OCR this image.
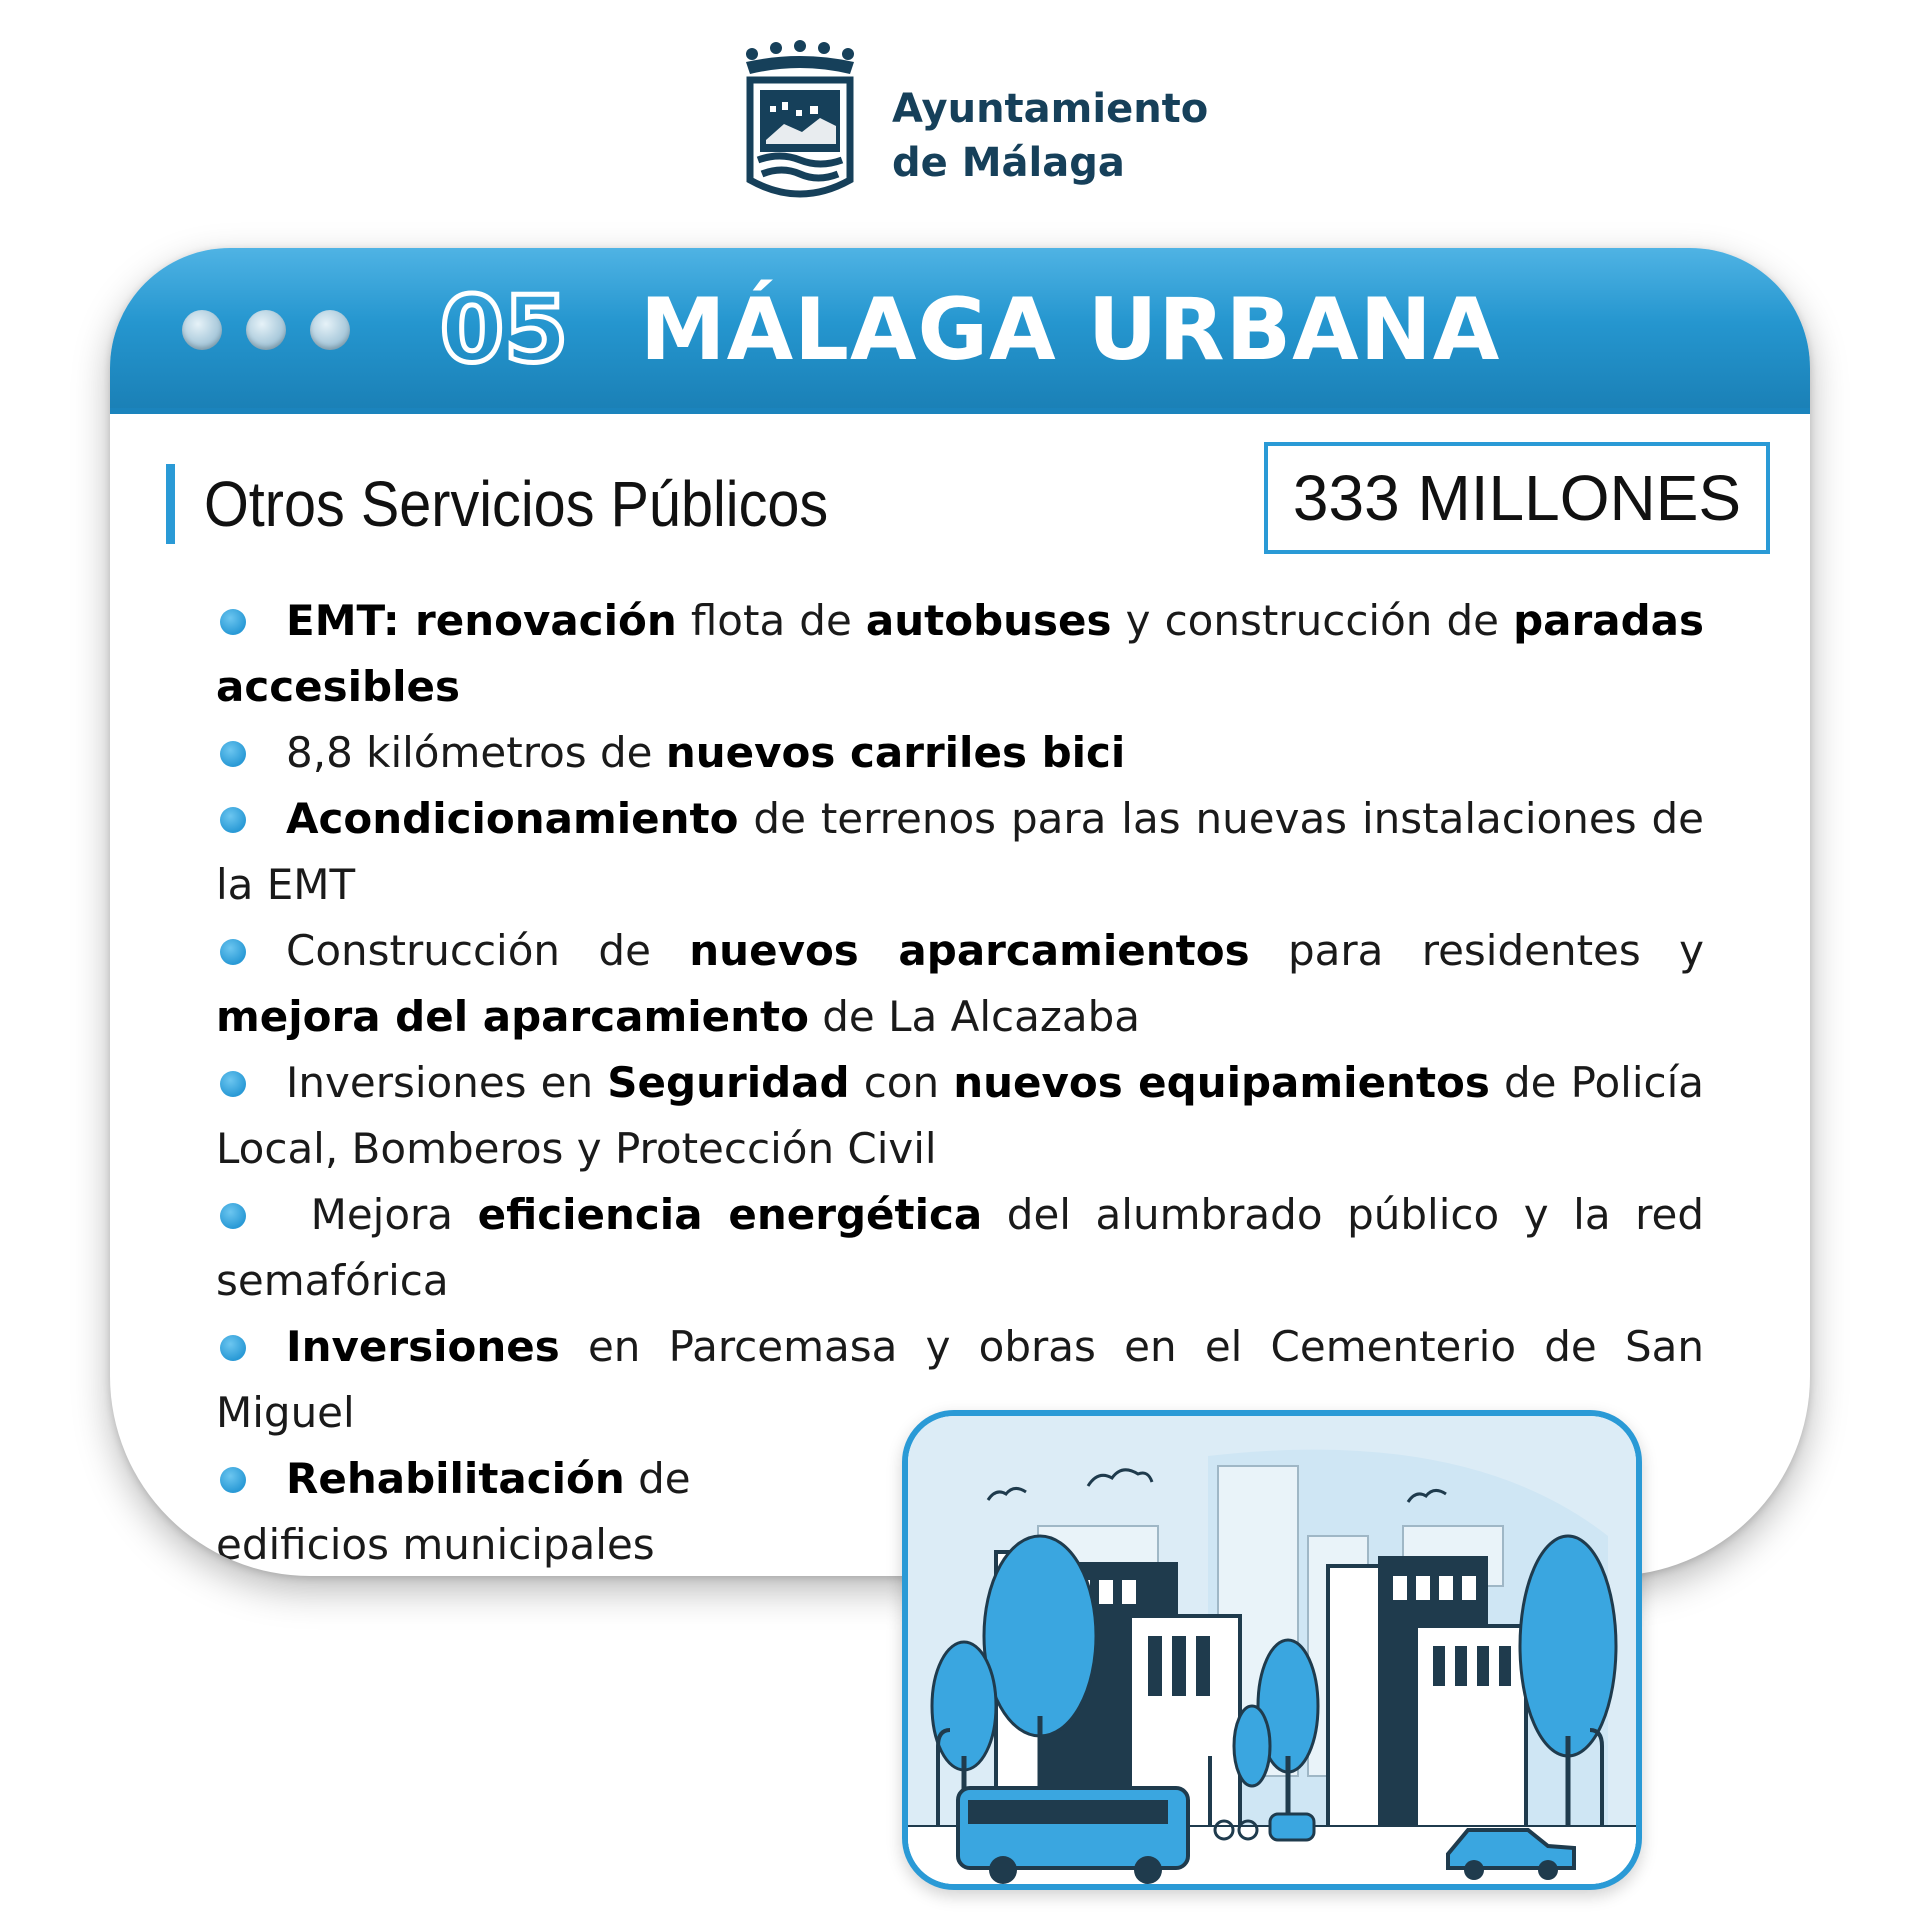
Ayuntamiento
de Málaga
05 MÁLAGA URBANA
Otros Servicios Públicos	333 MILLONES
EMT: renovación flota de autobuses y construcción de paradas accesibles
8,8 kilómetros de nuevos carriles bici
Acondicionamiento de terrenos para las nuevas instalaciones de la EMT
Construcción de nuevos aparcamientos para residentes y mejora del aparcamiento de La Alcazaba
Inversiones en Seguridad con nuevos equipamientos de Policía Local, Bomberos y Protección Civil
Mejora eficiencia energética del alumbrado público y la red semafórica
Inversiones en Parcemasa y obras en el Cementerio de San Miguel
Rehabilitación de edificios municipales
